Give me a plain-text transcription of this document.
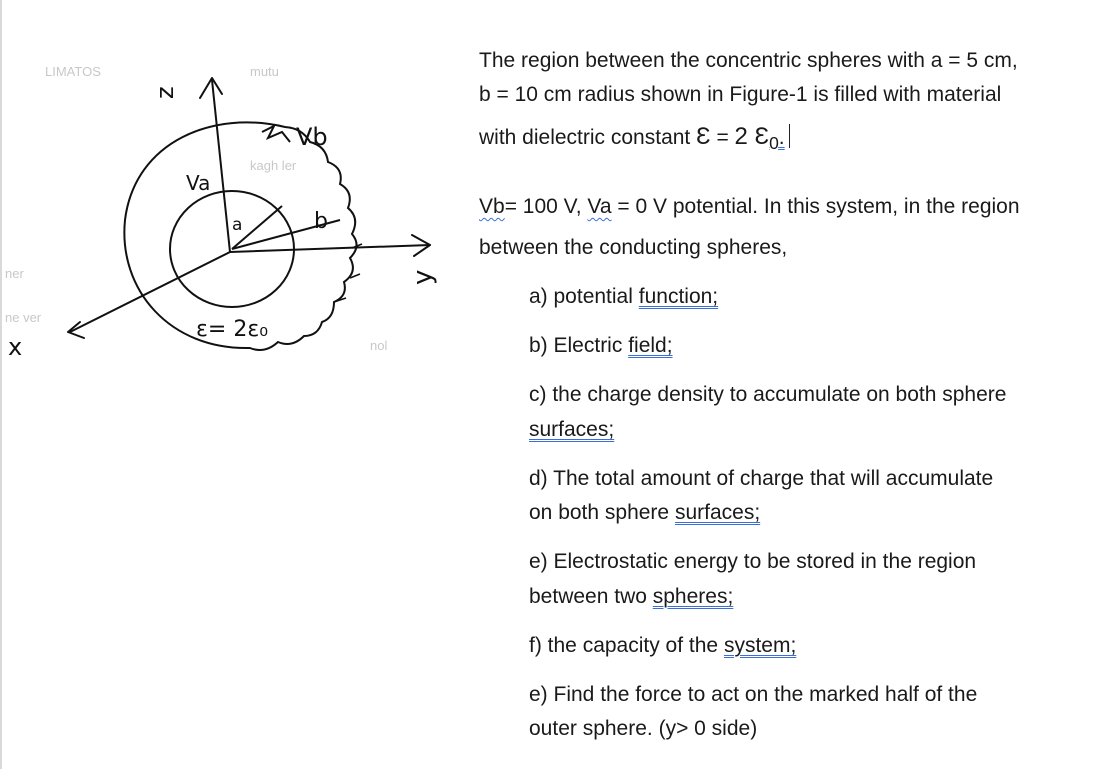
LIMATOS	mutu
kagh ler
ner
ne ver
nol
z
x
y
Vb
Va
a	b
ε= 2ε₀
The region between the concentric spheres with a = 5 cm,
b = 10 cm radius shown in Figure-1 is filled with material
with dielectric constant Ɛ = 2 $Ɛ_0$.
Vb= 100 V, Va = 0 V potential. In this system, in the region
between the conducting spheres,
a) potential function;
b) Electric field;
c) the charge density to accumulate on both sphere
surfaces;
d) The total amount of charge that will accumulate
on both sphere surfaces;
e) Electrostatic energy to be stored in the region
between two spheres;
f) the capacity of the system;
e) Find the force to act on the marked half of the
outer sphere. (y> 0 side)
